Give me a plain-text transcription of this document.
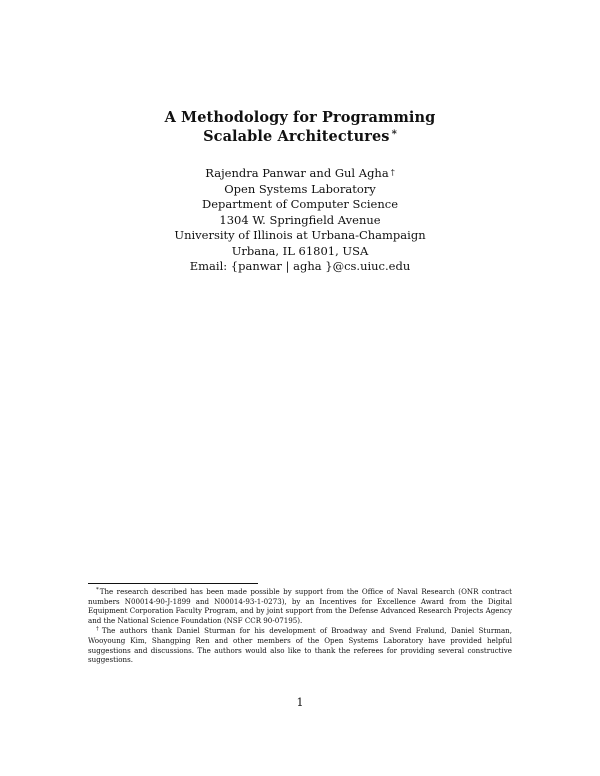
A Methodology for Programming
Scalable Architectures *
Rajendra Panwar and Gul Agha †
Open Systems Laboratory
Department of Computer Science
1304 W. Springfield Avenue
University of Illinois at Urbana-Champaign
Urbana, IL 61801, USA
Email: {panwar | agha }@cs.uiuc.edu
*The research described has been made possible by support from the Office of Naval Research (ONR contract numbers N00014-90-J-1899 and N00014-93-1-0273), by an Incentives for Excellence Award from the Digital Equipment Corporation Faculty Program, and by joint support from the Defense Advanced Research Projects Agency and the National Science Foundation (NSF CCR 90-07195).
†The authors thank Daniel Sturman for his development of Broadway and Svend Frølund, Daniel Sturman, Wooyoung Kim, Shangping Ren and other members of the Open Systems Laboratory have provided helpful suggestions and discussions. The authors would also like to thank the referees for providing several constructive suggestions.
1
